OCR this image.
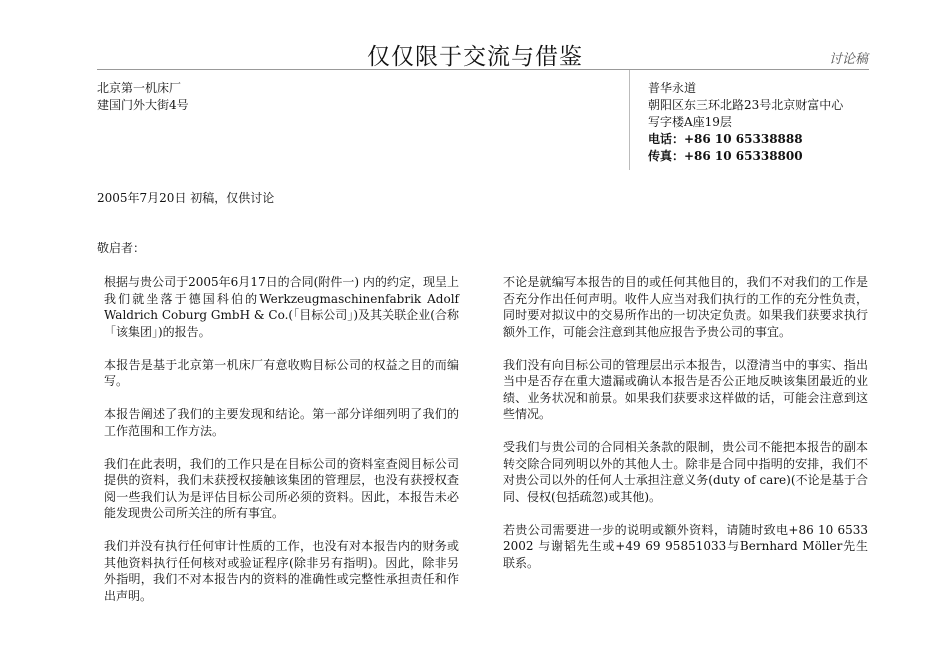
仅仅限于交流与借鉴	讨论稿
北京第一机床厂
建国门外大街4号
普华永道
朝阳区东三环北路23号北京财富中心
写字楼A座19层
电话：+86 10 65338888
传真：+86 10 65338800
2005年7月20日 初稿，仅供讨论
敬启者：

根据与贵公司于2005年6月17日的合同(附件一) 内的约定，现呈上我们就坐落于德国科伯的Werkzeugmaschinenfabrik Adolf Waldrich Coburg GmbH & Co.(「目标公司」)及其关联企业(合称「该集团」)的报告。

本报告是基于北京第一机床厂有意收购目标公司的权益之目的而编写。

本报告阐述了我们的主要发现和结论。第一部分详细列明了我们的工作范围和工作方法。

我们在此表明，我们的工作只是在目标公司的资料室查阅目标公司提供的资料，我们未获授权接触该集团的管理层，也没有获授权查阅一些我们认为是评估目标公司所必须的资料。因此，本报告未必能发现贵公司所关注的所有事宜。

我们并没有执行任何审计性质的工作，也没有对本报告内的财务或其他资料执行任何核对或验证程序(除非另有指明)。因此，除非另外指明，我们不对本报告内的资料的准确性或完整性承担责任和作出声明。

不论是就编写本报告的目的或任何其他目的，我们不对我们的工作是否充分作出任何声明。收件人应当对我们执行的工作的充分性负责，同时要对拟议中的交易所作出的一切决定负责。如果我们获要求执行额外工作，可能会注意到其他应报告予贵公司的事宜。

我们没有向目标公司的管理层出示本报告，以澄清当中的事实、指出当中是否存在重大遗漏或确认本报告是否公正地反映该集团最近的业绩、业务状况和前景。如果我们获要求这样做的话，可能会注意到这些情况。

受我们与贵公司的合同相关条款的限制，贵公司不能把本报告的副本转交除合同列明以外的其他人士。除非是合同中指明的安排，我们不对贵公司以外的任何人士承担注意义务(duty of care)(不论是基于合同、侵权(包括疏忽)或其他)。

若贵公司需要进一步的说明或额外资料，请随时致电+86 10 6533 2002 与谢韬先生或+49 69 95851033与Bernhard Möller先生联系。
